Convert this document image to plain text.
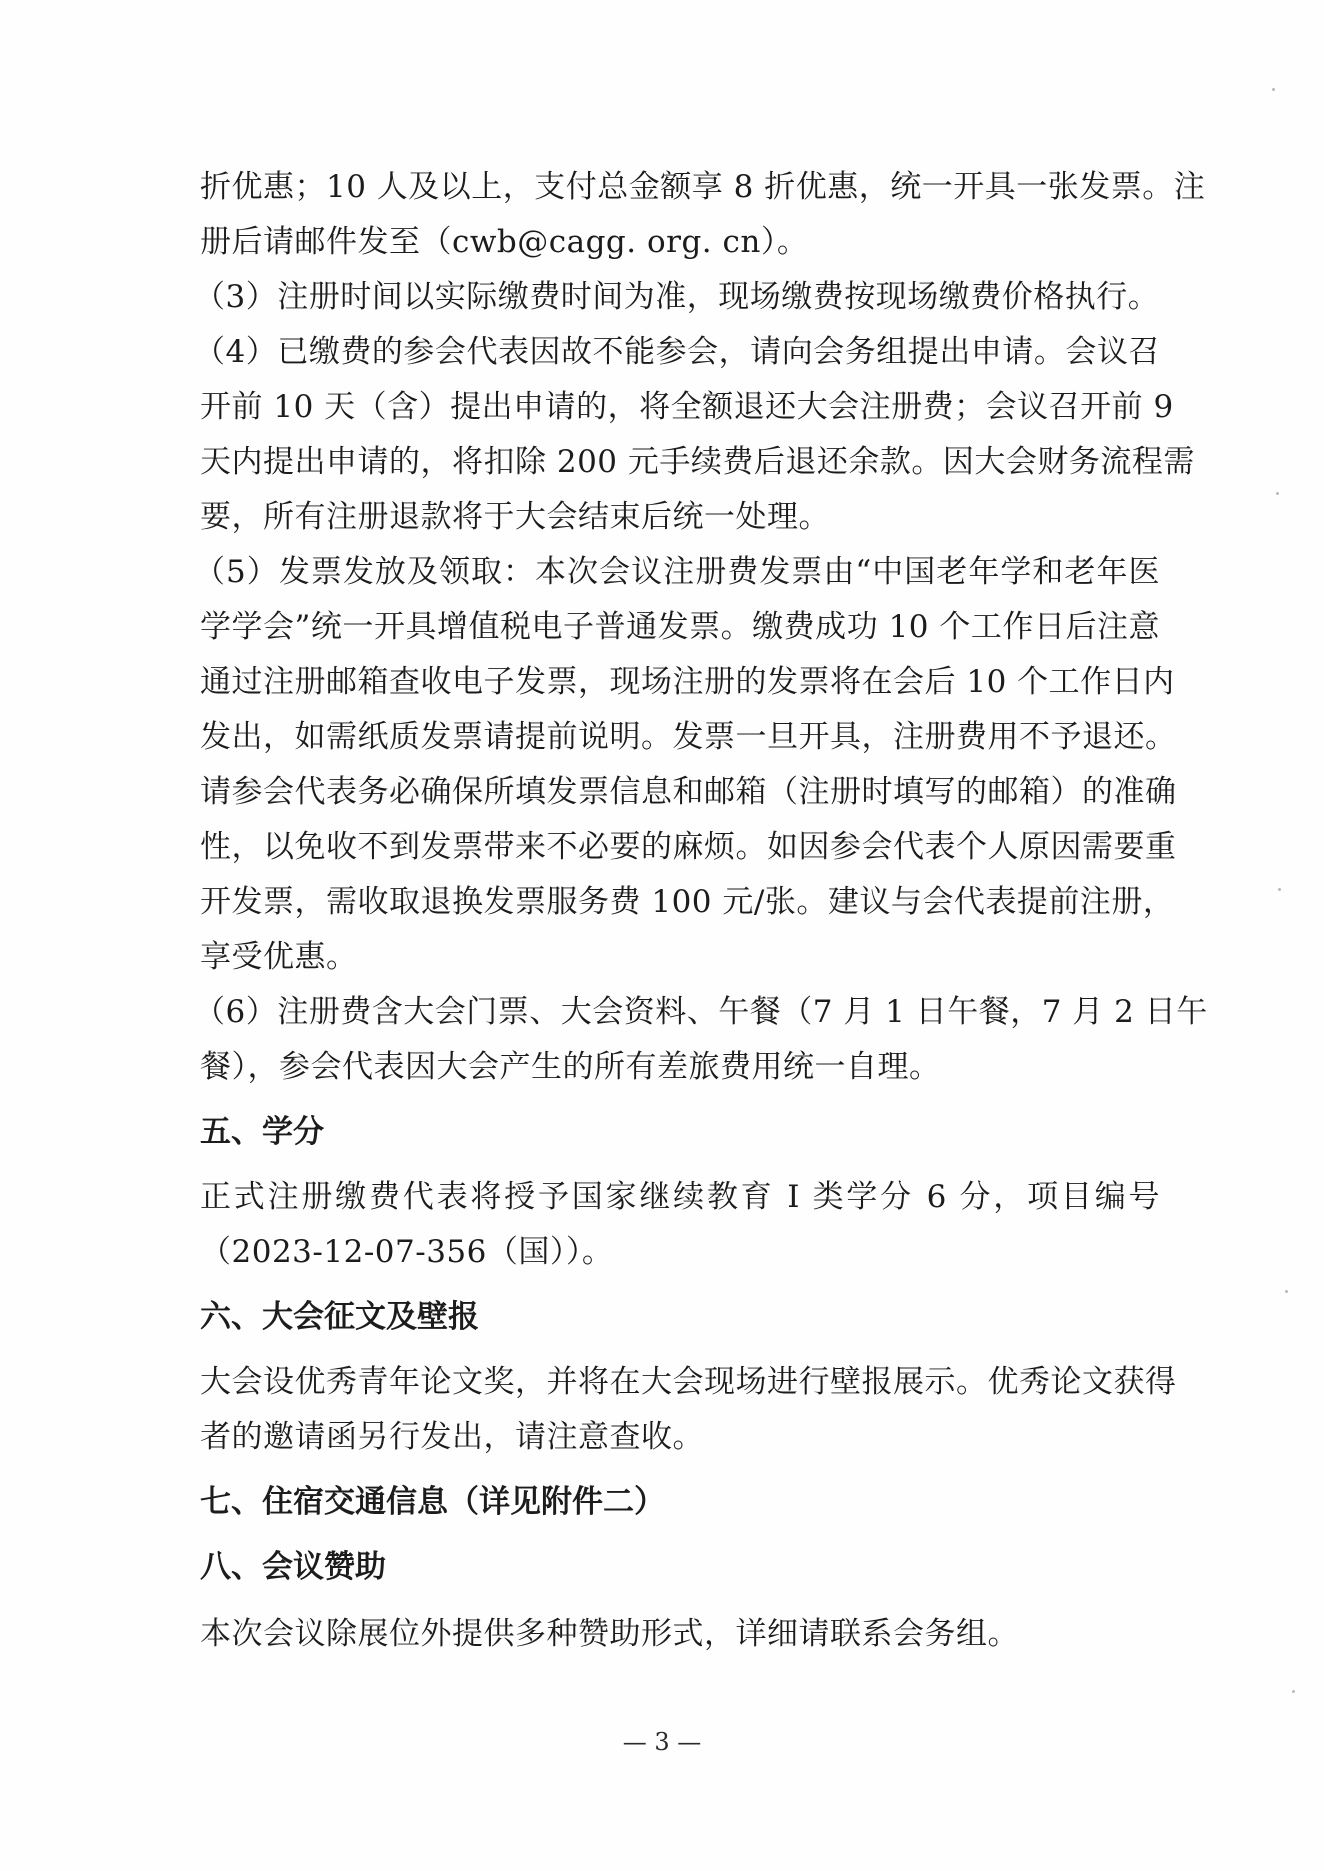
折优惠；10 人及以上，支付总金额享 8 折优惠，统一开具一张发票。注
册后请邮件发至（cwb@cagg. org. cn）。
（3）注册时间以实际缴费时间为准，现场缴费按现场缴费价格执行。
（4）已缴费的参会代表因故不能参会，请向会务组提出申请。会议召
开前 10 天（含）提出申请的，将全额退还大会注册费；会议召开前 9
天内提出申请的，将扣除 200 元手续费后退还余款。因大会财务流程需
要，所有注册退款将于大会结束后统一处理。
（5）发票发放及领取：本次会议注册费发票由“中国老年学和老年医
学学会”统一开具增值税电子普通发票。缴费成功 10 个工作日后注意
通过注册邮箱查收电子发票，现场注册的发票将在会后 10 个工作日内
发出，如需纸质发票请提前说明。发票一旦开具，注册费用不予退还。
请参会代表务必确保所填发票信息和邮箱（注册时填写的邮箱）的准确
性，以免收不到发票带来不必要的麻烦。如因参会代表个人原因需要重
开发票，需收取退换发票服务费 100 元/张。建议与会代表提前注册，
享受优惠。
（6）注册费含大会门票、大会资料、午餐（7 月 1 日午餐，7 月 2 日午
餐），参会代表因大会产生的所有差旅费用统一自理。
五、学分
正式注册缴费代表将授予国家继续教育 I 类学分 6 分，项目编号
（2023-12-07-356（国））。
六、大会征文及壁报
大会设优秀青年论文奖，并将在大会现场进行壁报展示。优秀论文获得
者的邀请函另行发出，请注意查收。
七、住宿交通信息（详见附件二）
八、会议赞助
本次会议除展位外提供多种赞助形式，详细请联系会务组。
— 3 —
